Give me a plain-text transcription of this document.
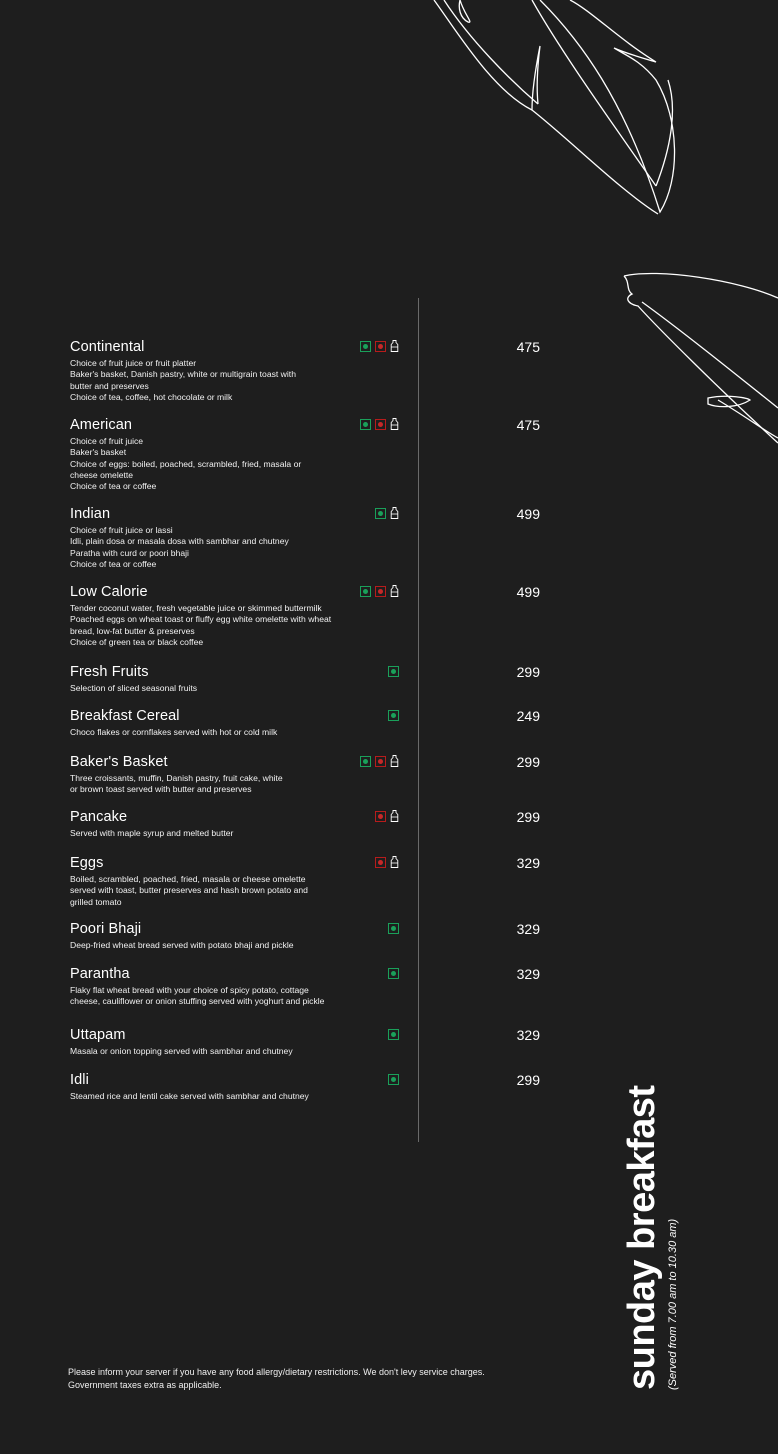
Continental
Choice of fruit juice or fruit platter
Baker's basket, Danish pastry, white or multigrain toast with
butter and preserves
Choice of tea, coffee, hot chocolate or milk
475
American
Choice of fruit juice
Baker's basket
Choice of eggs: boiled, poached, scrambled, fried, masala or
cheese omelette
Choice of tea or coffee
475
Indian
Choice of fruit juice or lassi
Idli, plain dosa or masala dosa with sambhar and chutney
Paratha with curd or poori bhaji
Choice of tea or coffee
499
Low Calorie
Tender coconut water, fresh vegetable juice or skimmed buttermilk
Poached eggs on wheat toast or fluffy egg white omelette with wheat
bread, low-fat butter & preserves
Choice of green tea or black coffee
499
Fresh Fruits
Selection of sliced seasonal fruits
299
Breakfast Cereal
Choco flakes or cornflakes served with hot or cold milk
249
Baker's Basket
Three croissants, muffin, Danish pastry, fruit cake, white
or brown toast served with butter and preserves
299
Pancake
Served with maple syrup and melted butter
299
Eggs
Boiled, scrambled, poached, fried, masala or cheese omelette
served with toast, butter preserves and hash brown potato and
grilled tomato
329
Poori Bhaji
Deep-fried wheat bread served with potato bhaji and pickle
329
Parantha
Flaky flat wheat bread with your choice of spicy potato, cottage
cheese, cauliflower or onion stuffing served with yoghurt and pickle
329
Uttapam
Masala or onion topping served with sambhar and chutney
329
Idli
Steamed rice and lentil cake served with sambhar and chutney
299
sunday breakfast (Served from 7.00 am to 10.30 am)
Please inform your server if you have any food allergy/dietary restrictions. We don't levy service charges.
Government taxes extra as applicable.
